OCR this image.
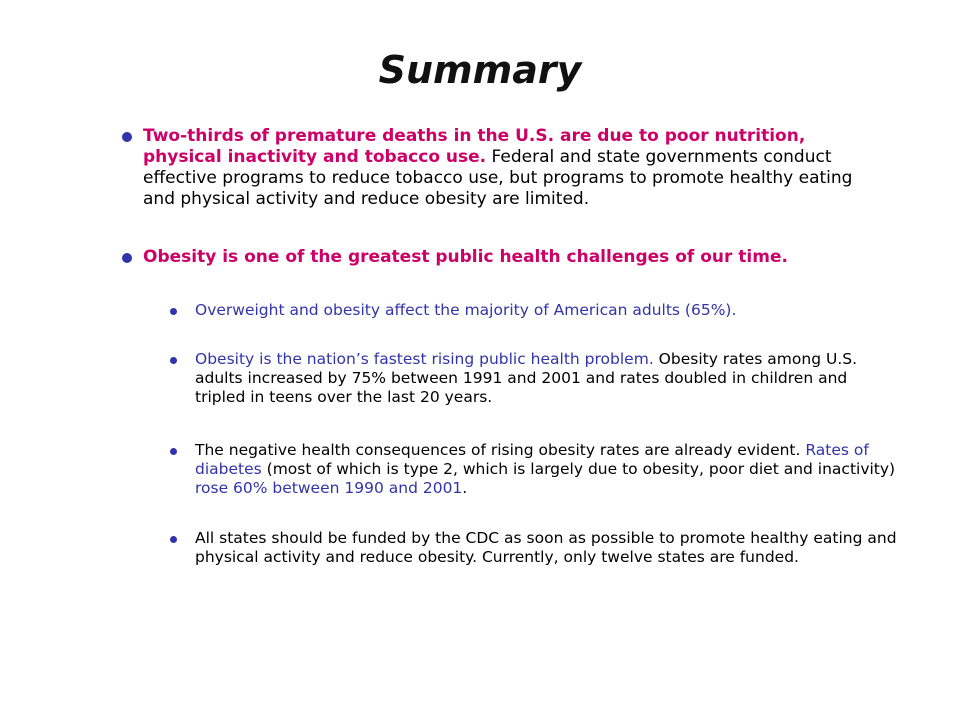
Summary
Two-thirds of premature deaths in the U.S. are due to poor nutrition, physical inactivity and tobacco use. Federal and state governments conduct effective programs to reduce tobacco use, but programs to promote healthy eating and physical activity and reduce obesity are limited.
Obesity is one of the greatest public health challenges of our time.
Overweight and obesity affect the majority of American adults (65%).
Obesity is the nation’s fastest rising public health problem. Obesity rates among U.S. adults increased by 75% between 1991 and 2001 and rates doubled in children and tripled in teens over the last 20 years.
The negative health consequences of rising obesity rates are already evident. Rates of diabetes (most of which is type 2, which is largely due to obesity, poor diet and inactivity) rose 60% between 1990 and 2001.
All states should be funded by the CDC as soon as possible to promote healthy eating and physical activity and reduce obesity. Currently, only twelve states are funded.
